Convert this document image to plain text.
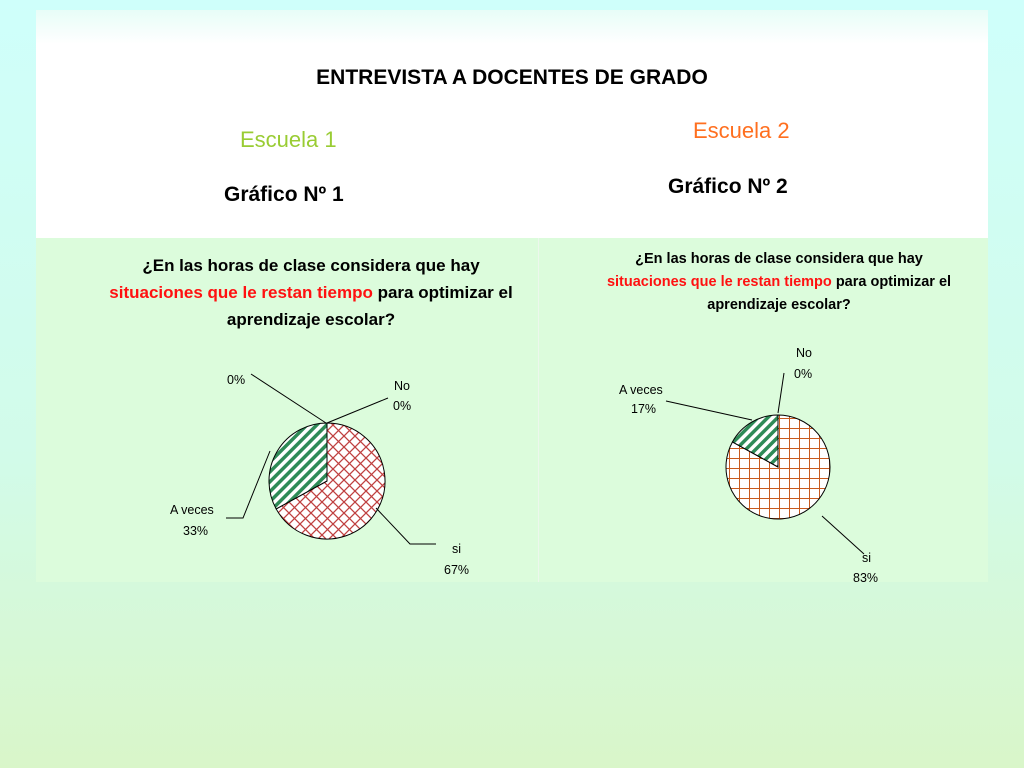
ENTREVISTA A DOCENTES DE GRADO
Escuela 1	Escuela 2
Gráfico Nº 1	Gráfico Nº 2
¿En las horas de clase considera que hay
situaciones que le restan tiempo para optimizar el aprendizaje escolar?
0%	No
0%
A veces
33%
si
67%
¿En las horas de clase considera que hay
situaciones que le restan tiempo para optimizar el aprendizaje escolar?
No
0%
A veces
17%
si
83%
